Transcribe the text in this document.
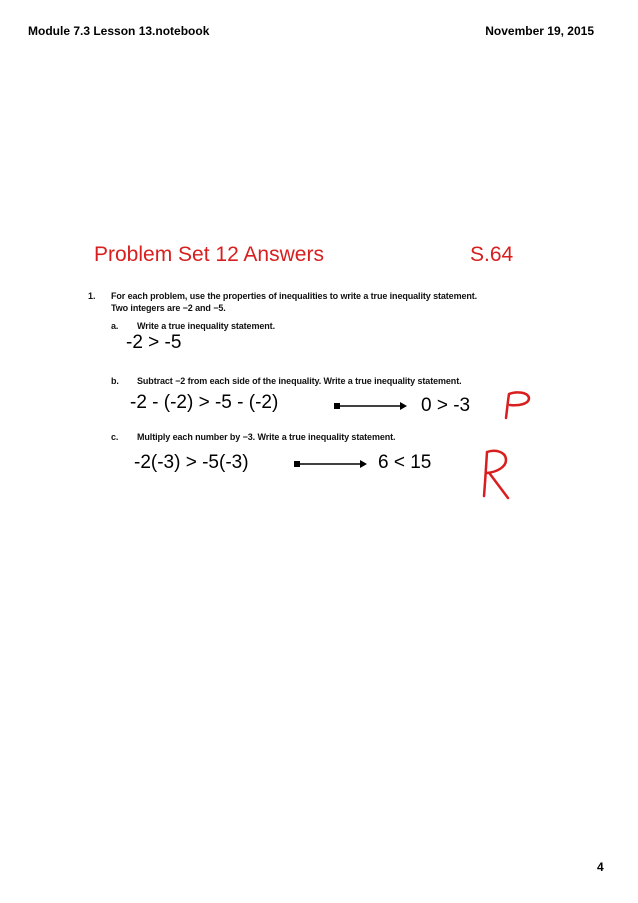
Module 7.3 Lesson 13.notebook	November 19, 2015
Problem Set 12 Answers	S.64
1. For each problem, use the properties of inequalities to write a true inequality statement.
Two integers are −2 and −5.
a. Write a true inequality statement.
-2 > -5
b. Subtract −2 from each side of the inequality. Write a true inequality statement.
-2 - (-2) > -5 - (-2)	0 > -3
c. Multiply each number by −3. Write a true inequality statement.
-2(-3) > -5(-3)	6 < 15
4
